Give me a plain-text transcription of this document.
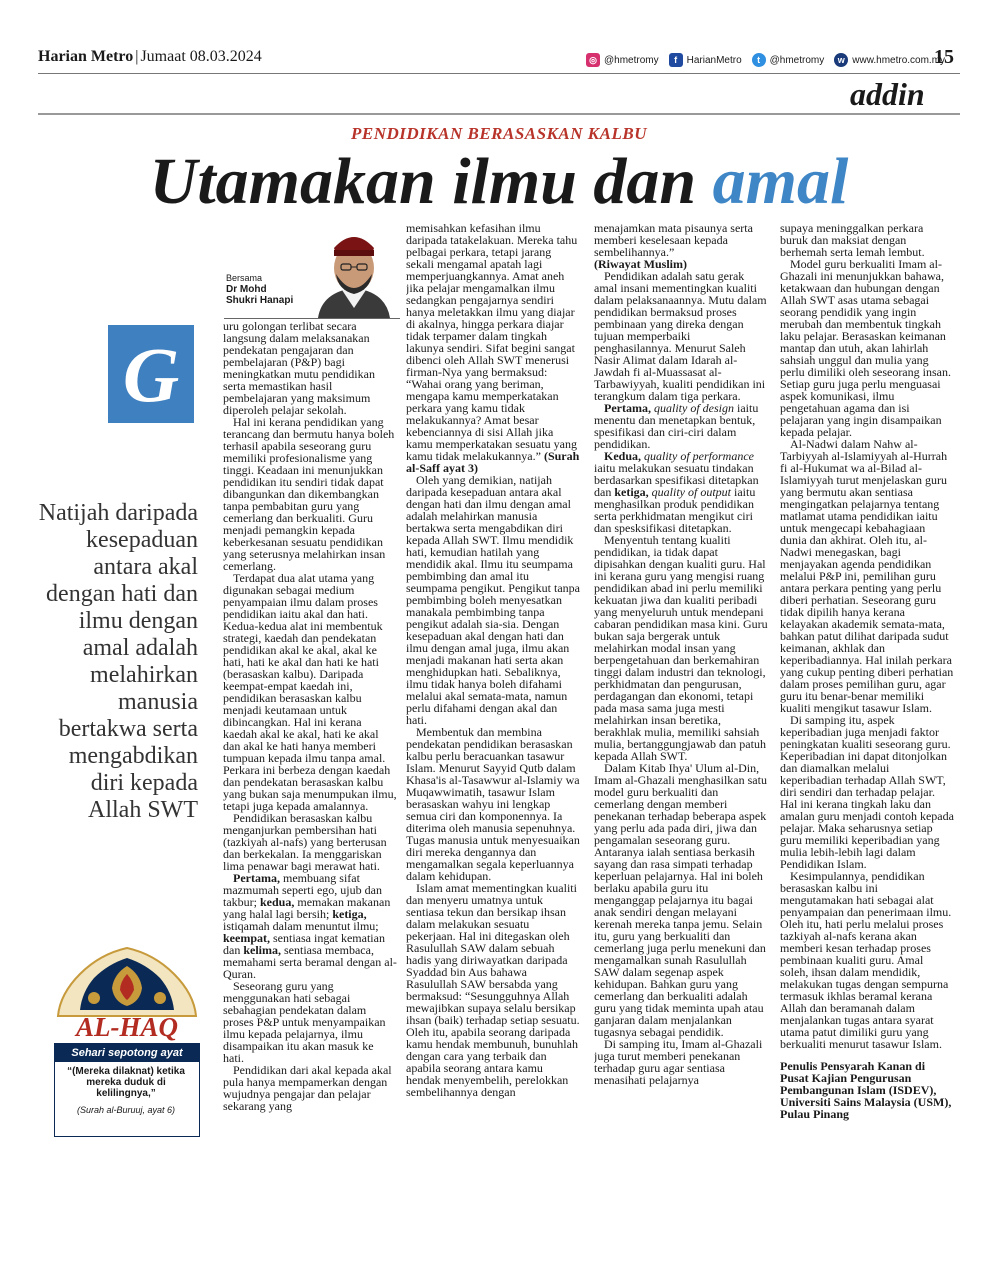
Harian Metro | Jumaat 08.03.2024	◎ @hmetromy	f HarianMetro	t @hmetromy	w www.hmetro.com.my
15
addin
PENDIDIKAN BERASASKAN KALBU
Utamakan ilmu dan amal
Bersama
Dr Mohd
Shukri Hanapi
G
Natijah daripada kesepaduan antara akal dengan hati dan ilmu dengan amal adalah melahirkan manusia bertakwa serta mengabdikan diri kepada Allah SWT
AL-HAQ
Sehari sepotong ayat
“(Mereka dilaknat) ketika mereka duduk di kelilingnya,”
(Surah al-Buruuj, ayat 6)

uru golongan terlibat secara langsung dalam melaksanakan pendekatan pengajaran dan pembelajaran (P&P) bagi meningkatkan mutu pendidikan serta memastikan hasil pembelajaran yang maksimum diperoleh pelajar sekolah.

Hal ini kerana pendidikan yang terancang dan bermutu hanya boleh terhasil apabila seseorang guru memiliki profesionalisme yang tinggi. Keadaan ini menunjukkan pendidikan itu sendiri tidak dapat dibangunkan dan dikembangkan tanpa pembabitan guru yang cemerlang dan berkualiti. Guru menjadi pemangkin kepada keberkesanan sesuatu pendidikan yang seterusnya melahirkan insan cemerlang.

Terdapat dua alat utama yang digunakan sebagai medium penyampaian ilmu dalam proses pendidikan iaitu akal dan hati. Kedua-kedua alat ini membentuk strategi, kaedah dan pendekatan pendidikan akal ke akal, akal ke hati, hati ke akal dan hati ke hati (berasaskan kalbu). Daripada keempat-empat kaedah ini, pendidikan berasaskan kalbu menjadi keutamaan untuk dibincangkan. Hal ini kerana kaedah akal ke akal, hati ke akal dan akal ke hati hanya memberi tumpuan kepada ilmu tanpa amal. Perkara ini berbeza dengan kaedah dan pendekatan berasaskan kalbu yang bukan saja menumpukan ilmu, tetapi juga kepada amalannya.

Pendidikan berasaskan kalbu menganjurkan pembersihan hati (tazkiyah al-nafs) yang berterusan dan berkekalan. Ia menggariskan lima penawar bagi merawat hati.

Pertama, membuang sifat mazmumah seperti ego, ujub dan takbur; kedua, memakan makanan yang halal lagi bersih; ketiga, istiqamah dalam menuntut ilmu; keempat, sentiasa ingat kematian dan kelima, sentiasa membaca, memahami serta beramal dengan al-Quran.

Seseorang guru yang menggunakan hati sebagai sebahagian pendekatan dalam proses P&P untuk menyampaikan ilmu kepada pelajarnya, ilmu disampaikan itu akan masuk ke hati.

Pendidikan dari akal kepada akal pula hanya mempamerkan dengan wujudnya pengajar dan pelajar sekarang yang

memisahkan kefasihan ilmu daripada tatakelakuan. Mereka tahu pelbagai perkara, tetapi jarang sekali mengamal apatah lagi memperjuangkannya. Amat aneh jika pelajar mengamalkan ilmu sedangkan pengajarnya sendiri hanya meletakkan ilmu yang diajar di akalnya, hingga perkara diajar tidak terpamer dalam tingkah lakunya sendiri. Sifat begini sangat dibenci oleh Allah SWT menerusi firman-Nya yang bermaksud: “Wahai orang yang beriman, mengapa kamu memperkatakan perkara yang kamu tidak melakukannya? Amat besar kebenciannya di sisi Allah jika kamu memperkatakan sesuatu yang kamu tidak melakukannya.” (Surah al-Saff ayat 3)

Oleh yang demikian, natijah daripada kesepaduan antara akal dengan hati dan ilmu dengan amal adalah melahirkan manusia bertakwa serta mengabdikan diri kepada Allah SWT. Ilmu mendidik hati, kemudian hatilah yang mendidik akal. Ilmu itu seumpama pembimbing dan amal itu seumpama pengikut. Pengikut tanpa pembimbing boleh menyesatkan manakala pembimbing tanpa pengikut adalah sia-sia. Dengan kesepaduan akal dengan hati dan ilmu dengan amal juga, ilmu akan menjadi makanan hati serta akan menghidupkan hati. Sebaliknya, ilmu tidak hanya boleh difahami melalui akal semata-mata, namun perlu difahami dengan akal dan hati.

Membentuk dan membina pendekatan pendidikan berasaskan kalbu perlu beracuankan tasawur Islam. Menurut Sayyid Qutb dalam Khasa'is al-Tasawwur al-Islamiy wa Muqawwimatih, tasawur Islam berasaskan wahyu ini lengkap semua ciri dan komponennya. Ia diterima oleh manusia sepenuhnya. Tugas manusia untuk menyesuaikan diri mereka dengannya dan mengamalkan segala keperluannya dalam kehidupan.

Islam amat mementingkan kualiti dan menyeru umatnya untuk sentiasa tekun dan bersikap ihsan dalam melakukan sesuatu pekerjaan. Hal ini ditegaskan oleh Rasulullah SAW dalam sebuah hadis yang diriwayatkan daripada Syaddad bin Aus bahawa Rasulullah SAW bersabda yang bermaksud: “Sesungguhnya Allah mewajibkan supaya selalu bersikap ihsan (baik) terhadap setiap sesuatu. Oleh itu, apabila seorang daripada kamu hendak membunuh, bunuhlah dengan cara yang terbaik dan apabila seorang antara kamu hendak menyembelih, perelokkan sembelihannya dengan

menajamkan mata pisaunya serta memberi keselesaan kepada sembelihannya.”

(Riwayat Muslim)

Pendidikan adalah satu gerak amal insani mementingkan kualiti dalam pelaksanaannya. Mutu dalam pendidikan bermaksud proses pembinaan yang direka dengan tujuan memperbaiki penghasilannya. Menurut Saleh Nasir Alimat dalam Idarah al-Jawdah fi al-Muassasat al-Tarbawiyyah, kualiti pendidikan ini terangkum dalam tiga perkara.

Pertama, quality of design iaitu menentu dan menetapkan bentuk, spesifikasi dan ciri-ciri dalam pendidikan.

Kedua, quality of performance iaitu melakukan sesuatu tindakan berdasarkan spesifikasi ditetapkan dan ketiga, quality of output iaitu menghasilkan produk pendidikan serta perkhidmatan mengikut ciri dan spesksifikasi ditetapkan.

Menyentuh tentang kualiti pendidikan, ia tidak dapat dipisahkan dengan kualiti guru. Hal ini kerana guru yang mengisi ruang pendidikan abad ini perlu memiliki kekuatan jiwa dan kualiti peribadi yang menyeluruh untuk mendepani cabaran pendidikan masa kini. Guru bukan saja bergerak untuk melahirkan modal insan yang berpengetahuan dan berkemahiran tinggi dalam industri dan teknologi, perkhidmatan dan pengurusan, perdagangan dan ekonomi, tetapi pada masa sama juga mesti melahirkan insan beretika, berakhlak mulia, memiliki sahsiah mulia, bertanggungjawab dan patuh kepada Allah SWT.

Dalam Kitab Ihya' Ulum al-Din, Imam al-Ghazali menghasilkan satu model guru berkualiti dan cemerlang dengan memberi penekanan terhadap beberapa aspek yang perlu ada pada diri, jiwa dan pengamalan seseorang guru. Antaranya ialah sentiasa berkasih sayang dan rasa simpati terhadap keperluan pelajarnya. Hal ini boleh berlaku apabila guru itu menganggap pelajarnya itu bagai anak sendiri dengan melayani kerenah mereka tanpa jemu. Selain itu, guru yang berkualiti dan cemerlang juga perlu menekuni dan mengamalkan sunah Rasulullah SAW dalam segenap aspek kehidupan. Bahkan guru yang cemerlang dan berkualiti adalah guru yang tidak meminta upah atau ganjaran dalam menjalankan tugasnya sebagai pendidik.

Di samping itu, Imam al-Ghazali juga turut memberi penekanan terhadap guru agar sentiasa menasihati pelajarnya

supaya meninggalkan perkara buruk dan maksiat dengan berhemah serta lemah lembut.

Model guru berkualiti Imam al-Ghazali ini menunjukkan bahawa, ketakwaan dan hubungan dengan Allah SWT asas utama sebagai seorang pendidik yang ingin merubah dan membentuk tingkah laku pelajar. Berasaskan keimanan mantap dan utuh, akan lahirlah sahsiah unggul dan mulia yang perlu dimiliki oleh seseorang insan. Setiap guru juga perlu menguasai aspek komunikasi, ilmu pengetahuan agama dan isi pelajaran yang ingin disampaikan kepada pelajar.

Al-Nadwi dalam Nahw al-Tarbiyyah al-Islamiyyah al-Hurrah fi al-Hukumat wa al-Bilad al-Islamiyyah turut menjelaskan guru yang bermutu akan sentiasa mengingatkan pelajarnya tentang matlamat utama pendidikan iaitu untuk mengecapi kebahagiaan dunia dan akhirat. Oleh itu, al-Nadwi menegaskan, bagi menjayakan agenda pendidikan melalui P&P ini, pemilihan guru antara perkara penting yang perlu diberi perhatian. Seseorang guru tidak dipilih hanya kerana kelayakan akademik semata-mata, bahkan patut dilihat daripada sudut keimanan, akhlak dan keperibadiannya. Hal inilah perkara yang cukup penting diberi perhatian dalam proses pemilihan guru, agar guru itu benar-benar memiliki kualiti mengikut tasawur Islam.

Di samping itu, aspek keperibadian juga menjadi faktor peningkatan kualiti seseorang guru. Keperibadian ini dapat ditonjolkan dan diamalkan melalui keperibadian terhadap Allah SWT, diri sendiri dan terhadap pelajar. Hal ini kerana tingkah laku dan amalan guru menjadi contoh kepada pelajar. Maka seharusnya setiap guru memiliki keperibadian yang mulia lebih-lebih lagi dalam Pendidikan Islam.

Kesimpulannya, pendidikan berasaskan kalbu ini mengutamakan hati sebagai alat penyampaian dan penerimaan ilmu. Oleh itu, hati perlu melalui proses tazkiyah al-nafs kerana akan memberi kesan terhadap proses pembinaan kualiti guru. Amal soleh, ihsan dalam mendidik, melakukan tugas dengan sempurna termasuk ikhlas beramal kerana Allah dan beramanah dalam menjalankan tugas antara syarat utama patut dimiliki guru yang berkualiti menurut tasawur Islam.

Penulis Pensyarah Kanan di Pusat Kajian Pengurusan Pembangunan Islam (ISDEV), Universiti Sains Malaysia (USM), Pulau Pinang
